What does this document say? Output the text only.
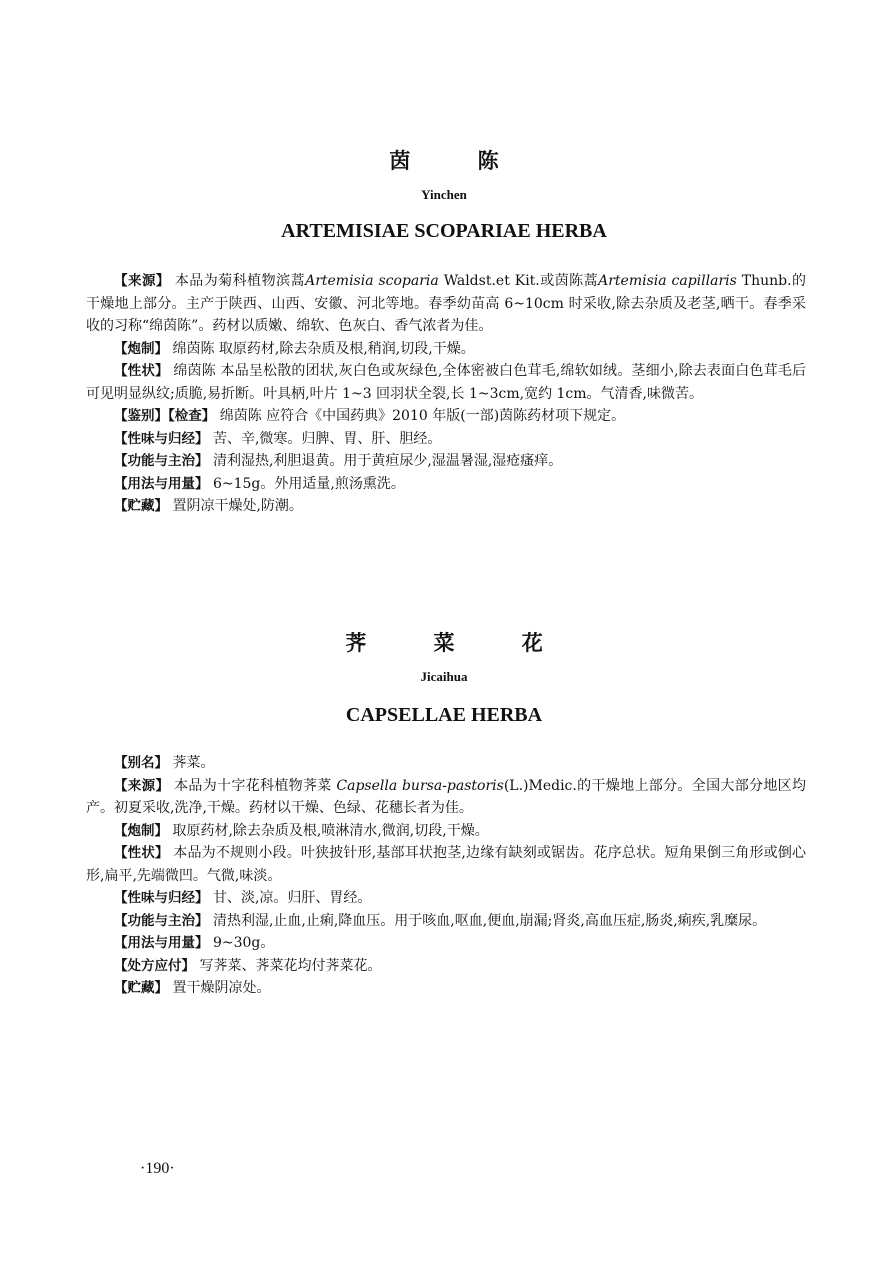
茵 陈
Yinchen
ARTEMISIAE SCOPARIAE HERBA

【来源】 本品为菊科植物滨蒿Artemisia scoparia Waldst.et Kit.或茵陈蒿Artemisia capillaris Thunb.的干燥地上部分。主产于陕西、山西、安徽、河北等地。春季幼苗高 6~10cm 时采收,除去杂质及老茎,晒干。春季采收的习称“绵茵陈”。药材以质嫩、绵软、色灰白、香气浓者为佳。

【炮制】 绵茵陈 取原药材,除去杂质及根,稍润,切段,干燥。

【性状】 绵茵陈 本品呈松散的团状,灰白色或灰绿色,全体密被白色茸毛,绵软如绒。茎细小,除去表面白色茸毛后可见明显纵纹;质脆,易折断。叶具柄,叶片 1~3 回羽状全裂,长 1~3cm,宽约 1cm。气清香,味微苦。

【鉴别】【检查】 绵茵陈 应符合《中国药典》2010 年版(一部)茵陈药材项下规定。

【性味与归经】 苦、辛,微寒。归脾、胃、肝、胆经。

【功能与主治】 清利湿热,利胆退黄。用于黄疸尿少,湿温暑湿,湿疮瘙痒。

【用法与用量】 6~15g。外用适量,煎汤熏洗。

【贮藏】 置阴凉干燥处,防潮。

荠 菜 花
Jicaihua
CAPSELLAE HERBA

【别名】 荠菜。

【来源】 本品为十字花科植物荠菜 Capsella bursa-pastoris(L.)Medic.的干燥地上部分。全国大部分地区均产。初夏采收,洗净,干燥。药材以干燥、色绿、花穗长者为佳。

【炮制】 取原药材,除去杂质及根,喷淋清水,微润,切段,干燥。

【性状】 本品为不规则小段。叶狭披针形,基部耳状抱茎,边缘有缺刻或锯齿。花序总状。短角果倒三角形或倒心形,扁平,先端微凹。气微,味淡。

【性味与归经】 甘、淡,凉。归肝、胃经。

【功能与主治】 清热利湿,止血,止痢,降血压。用于咳血,呕血,便血,崩漏;肾炎,高血压症,肠炎,痢疾,乳糜尿。

【用法与用量】 9~30g。

【处方应付】 写荠菜、荠菜花均付荠菜花。

【贮藏】 置干燥阴凉处。

·190·
